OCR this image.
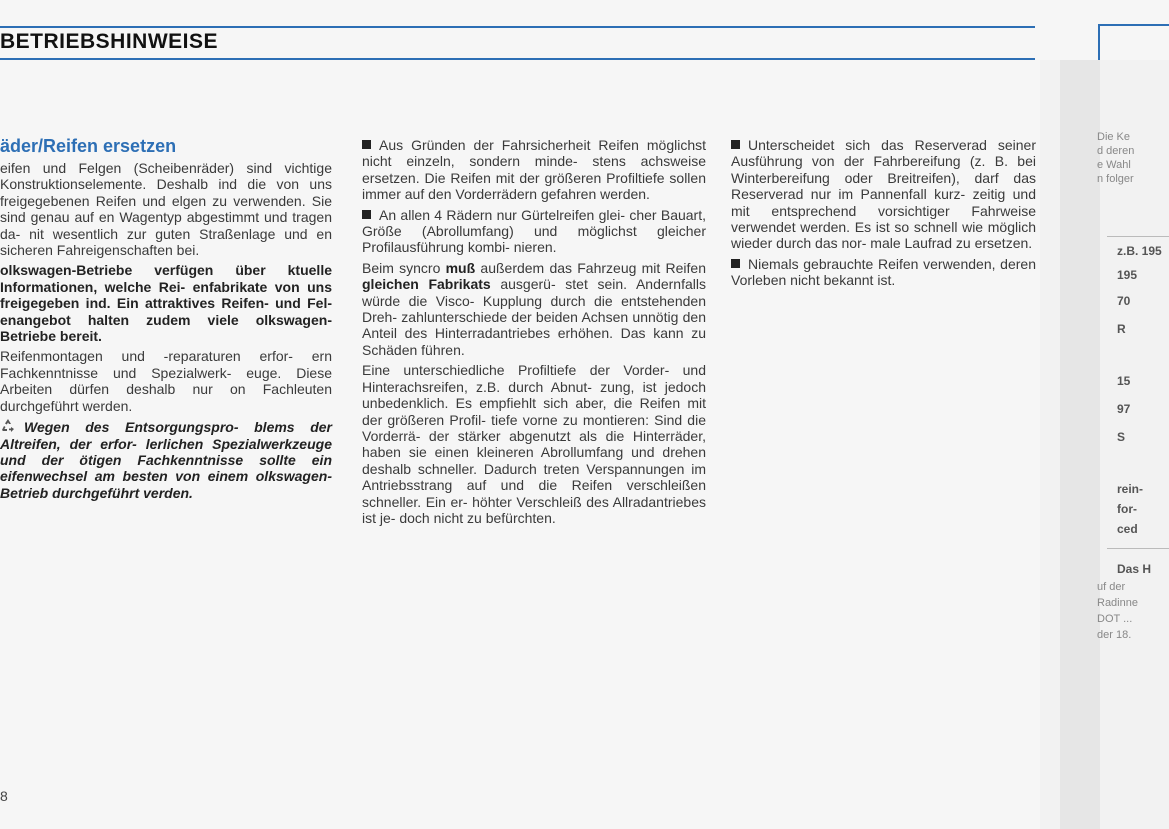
BETRIEBSHINWEISE
äder/Reifen ersetzen

eifen und Felgen (Scheibenräder) sind vichtige Konstruktionselemente. Deshalb ind die von uns freigegebenen Reifen und elgen zu verwenden. Sie sind genau auf en Wagentyp abgestimmt und tragen da- nit wesentlich zur guten Straßenlage und en sicheren Fahreigenschaften bei.

olkswagen-Betriebe verfügen über ktuelle Informationen, welche Rei- enfabrikate von uns freigegeben ind. Ein attraktives Reifen- und Fel- enangebot halten zudem viele olkswagen-Betriebe bereit.

Reifenmontagen und -reparaturen erfor- ern Fachkenntnisse und Spezialwerk- euge. Diese Arbeiten dürfen deshalb nur on Fachleuten durchgeführt werden.

Wegen des Entsorgungspro- blems der Altreifen, der erfor- lerlichen Spezialwerkzeuge und der ötigen Fachkenntnisse sollte ein eifenwechsel am besten von einem olkswagen-Betrieb durchgeführt verden.

Aus Gründen der Fahrsicherheit Reifen möglichst nicht einzeln, sondern minde- stens achsweise ersetzen. Die Reifen mit der größeren Profiltiefe sollen immer auf den Vorderrädern gefahren werden.

An allen 4 Rädern nur Gürtelreifen glei- cher Bauart, Größe (Abrollumfang) und möglichst gleicher Profilausführung kombi- nieren.

Beim syncro muß außerdem das Fahrzeug mit Reifen gleichen Fabrikats ausgerü- stet sein. Andernfalls würde die Visco- Kupplung durch die entstehenden Dreh- zahlunterschiede der beiden Achsen unnötig den Anteil des Hinterradantriebes erhöhen. Das kann zu Schäden führen.

Eine unterschiedliche Profiltiefe der Vorder- und Hinterachsreifen, z.B. durch Abnut- zung, ist jedoch unbedenklich. Es empfiehlt sich aber, die Reifen mit der größeren Profil- tiefe vorne zu montieren: Sind die Vorderrä- der stärker abgenutzt als die Hinterräder, haben sie einen kleineren Abrollumfang und drehen deshalb schneller. Dadurch treten Verspannungen im Antriebsstrang auf und die Reifen verschleißen schneller. Ein er- höhter Verschleiß des Allradantriebes ist je- doch nicht zu befürchten.

Unterscheidet sich das Reserverad seiner Ausführung von der Fahrbereifung (z. B. bei Winterbereifung oder Breitreifen), darf das Reserverad nur im Pannenfall kurz- zeitig und mit entsprechend vorsichtiger Fahrweise verwendet werden. Es ist so schnell wie möglich wieder durch das nor- male Laufrad zu ersetzen.

Niemals gebrauchte Reifen verwenden, deren Vorleben nicht bekannt ist.

8
Die Ke
d deren
e Wahl
n folger
z.B. 195
195
70
R
15
97
S
rein-
for-
ced
Das H
uf der
Radinne
DOT ...
der 18.
